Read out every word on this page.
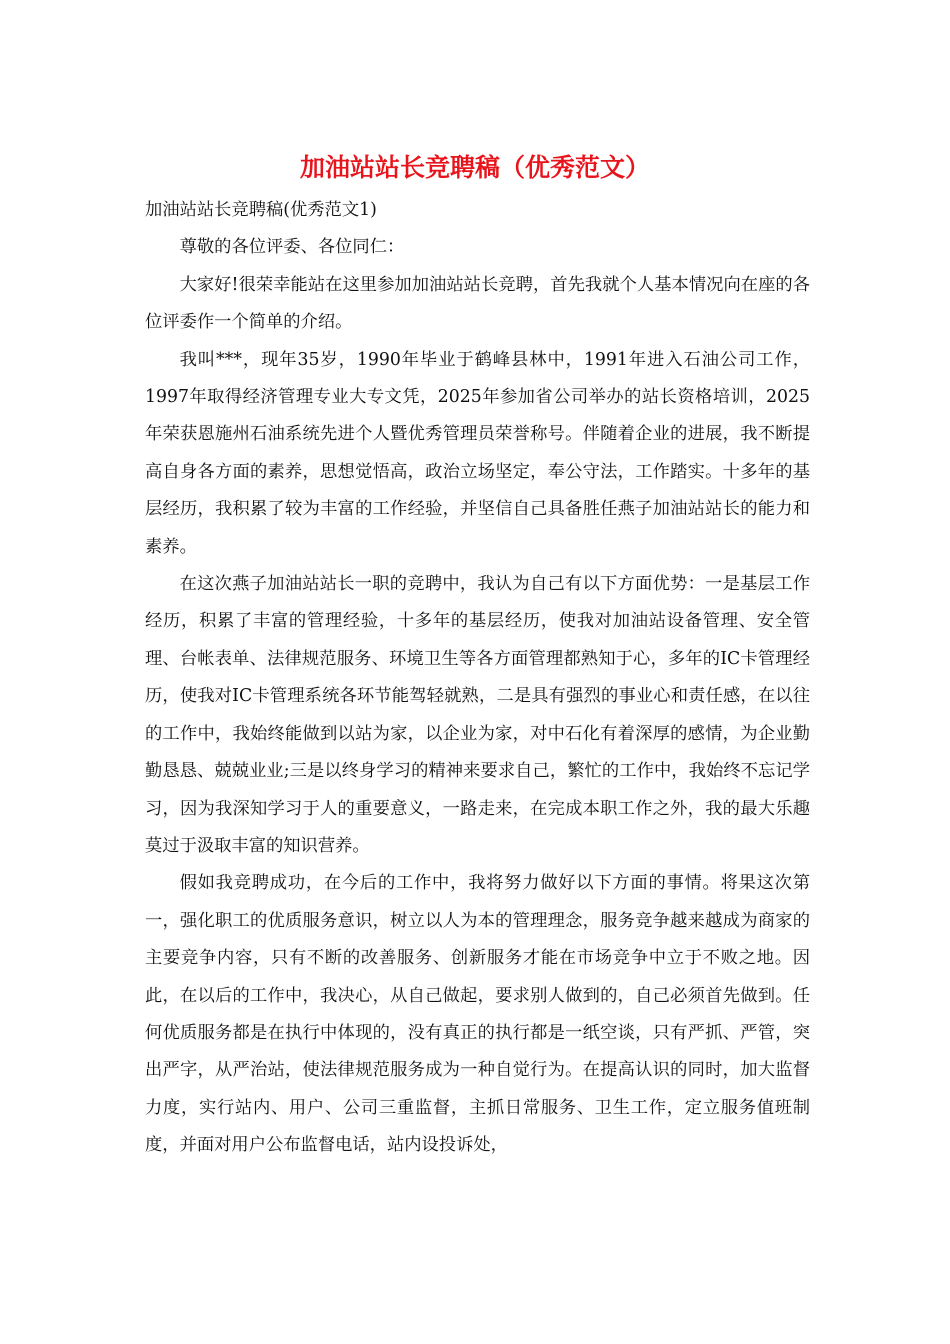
加油站站长竞聘稿（优秀范文）

加油站站长竞聘稿(优秀范文1)

尊敬的各位评委、各位同仁：

大家好!很荣幸能站在这里参加加油站站长竞聘，首先我就个人基本情况向在座的各位评委作一个简单的介绍。

我叫***，现年35岁，1990年毕业于鹤峰县林中，1991年进入石油公司工作，1997年取得经济管理专业大专文凭，2025年参加省公司举办的站长资格培训，2025年荣获恩施州石油系统先进个人暨优秀管理员荣誉称号。伴随着企业的进展，我不断提高自身各方面的素养，思想觉悟高，政治立场坚定，奉公守法，工作踏实。十多年的基层经历，我积累了较为丰富的工作经验，并坚信自己具备胜任燕子加油站站长的能力和素养。

在这次燕子加油站站长一职的竞聘中，我认为自己有以下方面优势：一是基层工作经历，积累了丰富的管理经验，十多年的基层经历，使我对加油站设备管理、安全管理、台帐表单、法律规范服务、环境卫生等各方面管理都熟知于心，多年的IC卡管理经历，使我对IC卡管理系统各环节能驾轻就熟，二是具有强烈的事业心和责任感，在以往的工作中，我始终能做到以站为家，以企业为家，对中石化有着深厚的感情，为企业勤勤恳恳、兢兢业业;三是以终身学习的精神来要求自己，繁忙的工作中，我始终不忘记学习，因为我深知学习于人的重要意义，一路走来，在完成本职工作之外，我的最大乐趣莫过于汲取丰富的知识营养。

假如我竞聘成功，在今后的工作中，我将努力做好以下方面的事情。将果这次第一，强化职工的优质服务意识，树立以人为本的管理理念，服务竞争越来越成为商家的主要竞争内容，只有不断的改善服务、创新服务才能在市场竞争中立于不败之地。因此，在以后的工作中，我决心，从自己做起，要求别人做到的，自己必须首先做到。任何优质服务都是在执行中体现的，没有真正的执行都是一纸空谈，只有严抓、严管，突出严字，从严治站，使法律规范服务成为一种自觉行为。在提高认识的同时，加大监督力度，实行站内、用户、公司三重监督，主抓日常服务、卫生工作，定立服务值班制度，并面对用户公布监督电话，站内设投诉处，
